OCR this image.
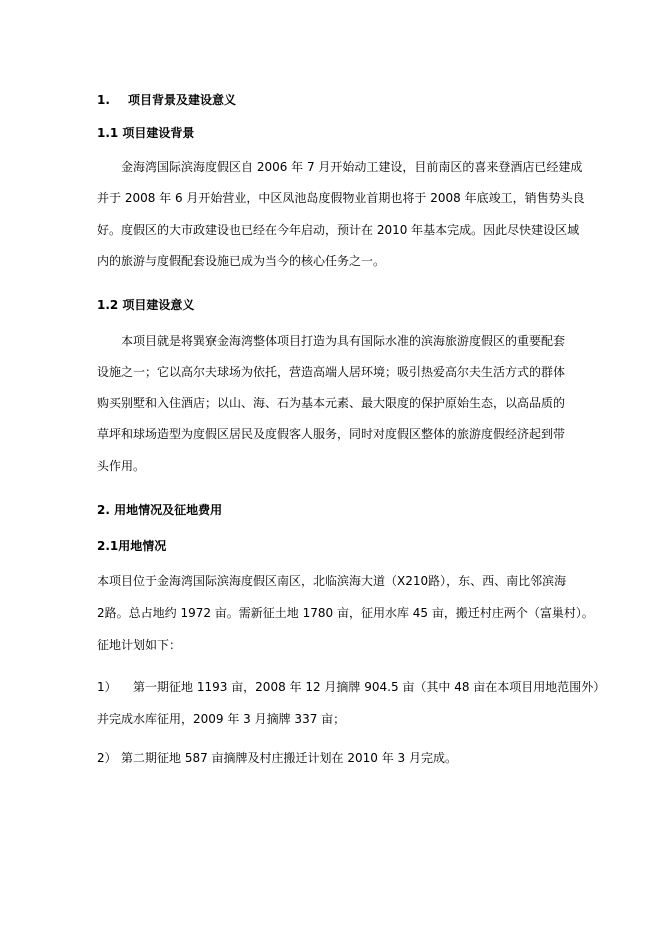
1. 项目背景及建设意义
1.1 项目建设背景
金海湾国际滨海度假区自 2006 年 7 月开始动工建设，目前南区的喜来登酒店已经建成
并于 2008 年 6 月开始营业，中区凤池岛度假物业首期也将于 2008 年底竣工，销售势头良
好。度假区的大市政建设也已经在今年启动，预计在 2010 年基本完成。因此尽快建设区域
内的旅游与度假配套设施已成为当今的核心任务之一。
1.2 项目建设意义
本项目就是将巽寮金海湾整体项目打造为具有国际水准的滨海旅游度假区的重要配套
设施之一；它以高尔夫球场为依托，营造高端人居环境；吸引热爱高尔夫生活方式的群体
购买别墅和入住酒店；以山、海、石为基本元素、最大限度的保护原始生态，以高品质的
草坪和球场造型为度假区居民及度假客人服务，同时对度假区整体的旅游度假经济起到带
头作用。
2. 用地情况及征地费用
2.1用地情况
本项目位于金海湾国际滨海度假区南区，北临滨海大道（X210路），东、西、南比邻滨海
2路。总占地约 1972 亩。需新征土地 1780 亩，征用水库 45 亩，搬迁村庄两个（富巢村）。
征地计划如下：
1） 第一期征地 1193 亩，2008 年 12 月摘牌 904.5 亩（其中 48 亩在本项目用地范围外）
并完成水库征用，2009 年 3 月摘牌 337 亩；
2） 第二期征地 587 亩摘牌及村庄搬迁计划在 2010 年 3 月完成。
